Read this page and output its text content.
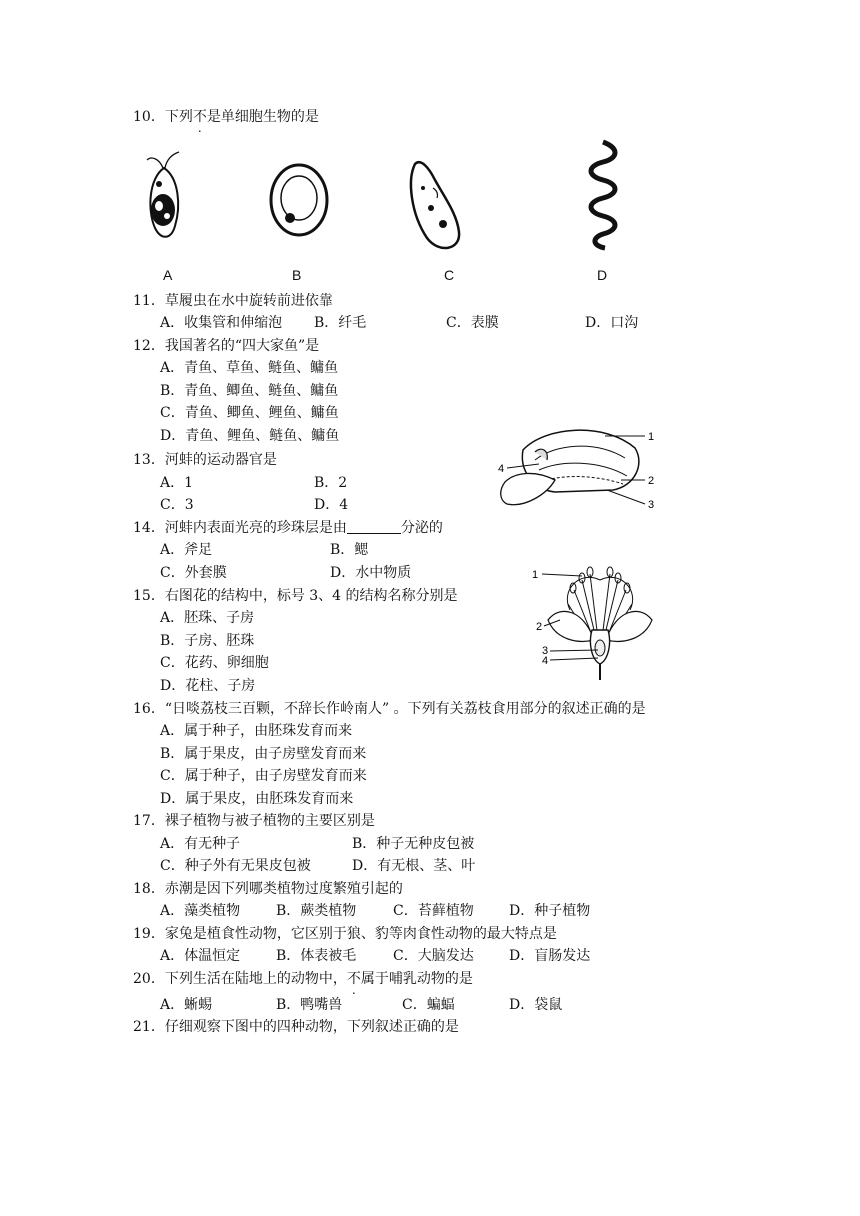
10．下列不是单细胞生物的是
A	B	C	D
11．草履虫在水中旋转前进依靠
A．收集管和伸缩泡 B．纤毛	C．表膜	D．口沟
12．我国著名的“四大家鱼”是
A．青鱼、草鱼、鲢鱼、鳙鱼
B．青鱼、鲫鱼、鲢鱼、鳙鱼
C．青鱼、鲫鱼、鲤鱼、鳙鱼
D．青鱼、鲤鱼、鲢鱼、鳙鱼	1
2
3
4
13．河蚌的运动器官是
A．1	B．2
C．3	D．4
14．河蚌内表面光亮的珍珠层是由	分泌的
A．斧足	B．鳃
C．外套膜	D．水中物质	1
2
3
4
15．右图花的结构中，标号 3、4 的结构名称分别是
A．胚珠、子房
B．子房、胚珠
C．花药、卵细胞
D．花柱、子房
16．“日啖荔枝三百颗，不辞长作岭南人” 。下列有关荔枝食用部分的叙述正确的是
A．属于种子，由胚珠发育而来
B．属于果皮，由子房壁发育而来
C．属于种子，由子房壁发育而来
D．属于果皮，由胚珠发育而来
17．裸子植物与被子植物的主要区别是
A．有无种子	B．种子无种皮包被
C．种子外有无果皮包被	D．有无根、茎、叶
18．赤潮是因下列哪类植物过度繁殖引起的
A．藻类植物	B．蕨类植物	C．苔藓植物	D．种子植物
19．家兔是植食性动物，它区别于狼、豹等肉食性动物的最大特点是
A．体温恒定	B．体表被毛	C．大脑发达	D．盲肠发达
20．下列生活在陆地上的动物中，不属于哺乳动物的是
A．蜥蜴	B．鸭嘴兽	C．蝙蝠	D．袋鼠
21．仔细观察下图中的四种动物，下列叙述正确的是
